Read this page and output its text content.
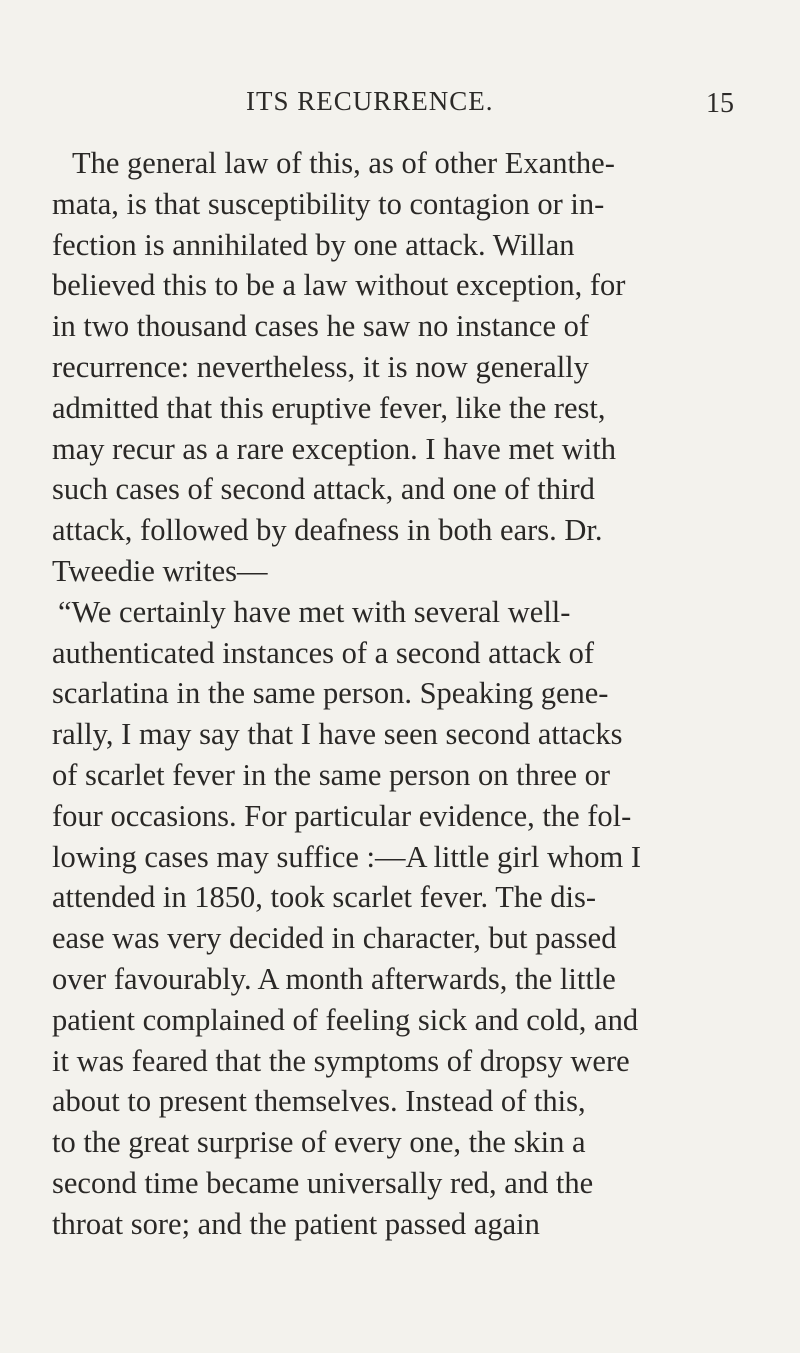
ITS RECURRENCE.	15
The general law of this, as of other Exanthe-
mata, is that susceptibility to contagion or in-
fection is annihilated by one attack. Willan
believed this to be a law without exception, for
in two thousand cases he saw no instance of
recurrence: nevertheless, it is now generally
admitted that this eruptive fever, like the rest,
may recur as a rare exception. I have met with
such cases of second attack, and one of third
attack, followed by deafness in both ears. Dr.
Tweedie writes—
“We certainly have met with several well-
authenticated instances of a second attack of
scarlatina in the same person. Speaking gene-
rally, I may say that I have seen second attacks
of scarlet fever in the same person on three or
four occasions. For particular evidence, the fol-
lowing cases may suffice :—A little girl whom I
attended in 1850, took scarlet fever. The dis-
ease was very decided in character, but passed
over favourably. A month afterwards, the little
patient complained of feeling sick and cold, and
it was feared that the symptoms of dropsy were
about to present themselves. Instead of this,
to the great surprise of every one, the skin a
second time became universally red, and the
throat sore; and the patient passed again
